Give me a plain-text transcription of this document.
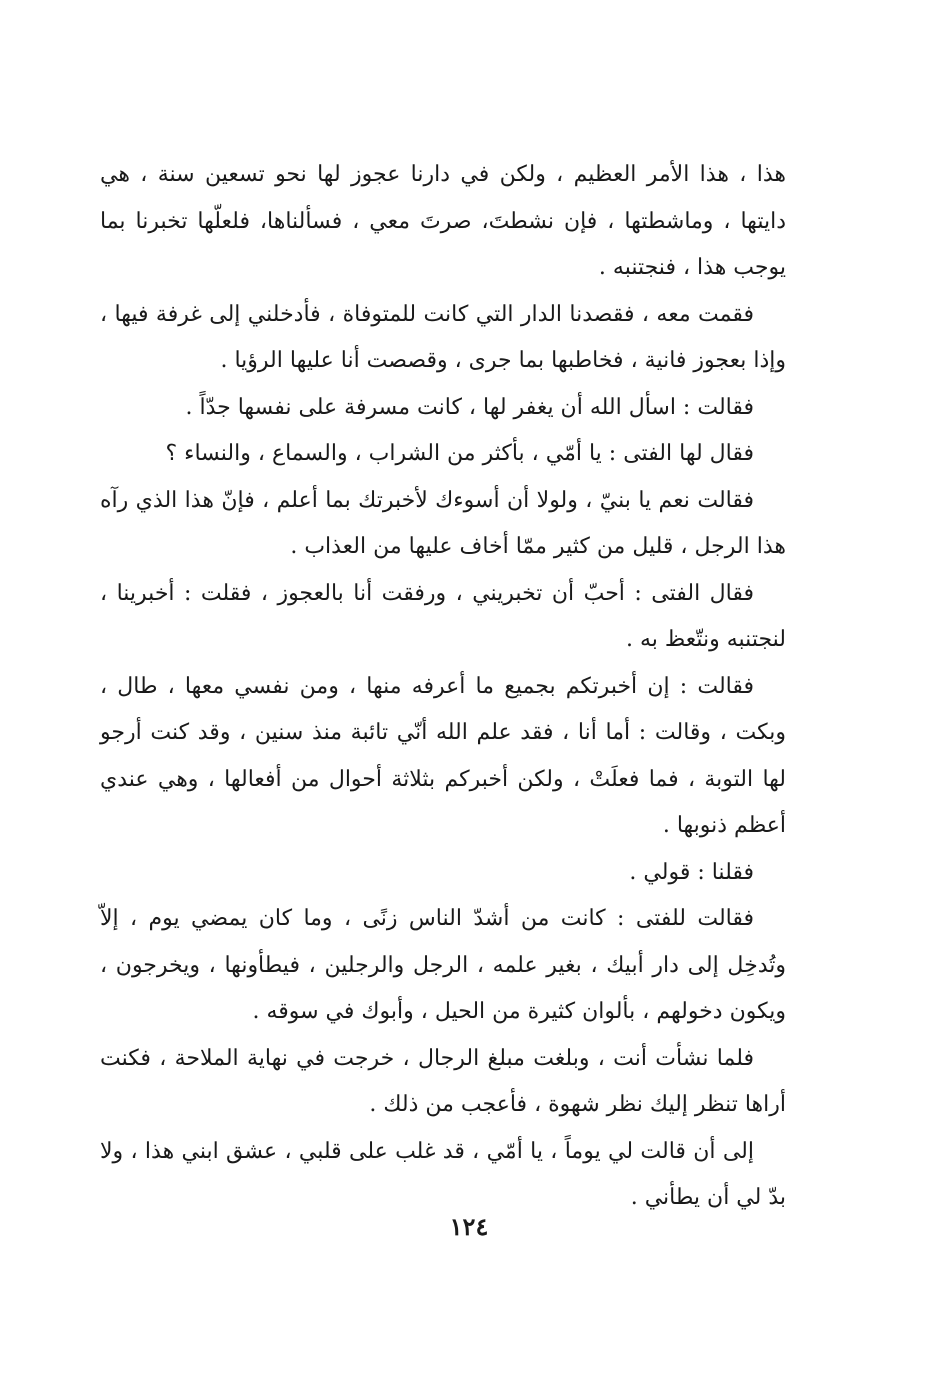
هذا ، هذا الأمر العظيم ، ولكن في دارنا عجوز لها نحو تسعين سنة ، هي دايتها ، وماشطتها ، فإن نشطتَ، صرتَ معي ، فسألناها، فلعلّها تخبرنا بما يوجب هذا ، فنجتنبه .

فقمت معه ، فقصدنا الدار التي كانت للمتوفاة ، فأدخلني إلى غرفة فيها ، وإذا بعجوز فانية ، فخاطبها بما جرى ، وقصصت أنا عليها الرؤيا .

فقالت : اسأل الله أن يغفر لها ، كانت مسرفة على نفسها جدّاً .

فقال لها الفتى : يا أمّي ، بأكثر من الشراب ، والسماع ، والنساء ؟

فقالت نعم يا بنيّ ، ولولا أن أسوءك لأخبرتك بما أعلم ، فإنّ هذا الذي رآه هذا الرجل ، قليل من كثير ممّا أخاف عليها من العذاب .

فقال الفتى : أحبّ أن تخبريني ، ورفقت أنا بالعجوز ، فقلت : أخبرينا ، لنجتنبه ونتّعظ به .

فقالت : إن أخبرتكم بجميع ما أعرفه منها ، ومن نفسي معها ، طال ، وبكت ، وقالت : أما أنا ، فقد علم الله أنّي تائبة منذ سنين ، وقد كنت أرجو لها التوبة ، فما فعلَتْ ، ولكن أخبركم بثلاثة أحوال من أفعالها ، وهي عندي أعظم ذنوبها .

فقلنا : قولي .

فقالت للفتى : كانت من أشدّ الناس زنًى ، وما كان يمضي يوم ، إلاّ وتُدخِل إلى دار أبيك ، بغير علمه ، الرجل والرجلين ، فيطأونها ، ويخرجون ، ويكون دخولهم ، بألوان كثيرة من الحيل ، وأبوك في سوقه .

فلما نشأت أنت ، وبلغت مبلغ الرجال ، خرجت في نهاية الملاحة ، فكنت أراها تنظر إليك نظر شهوة ، فأعجب من ذلك .

إلى أن قالت لي يوماً ، يا أمّي ، قد غلب على قلبي ، عشق ابني هذا ، ولا بدّ لي أن يطأني .

١٢٤
